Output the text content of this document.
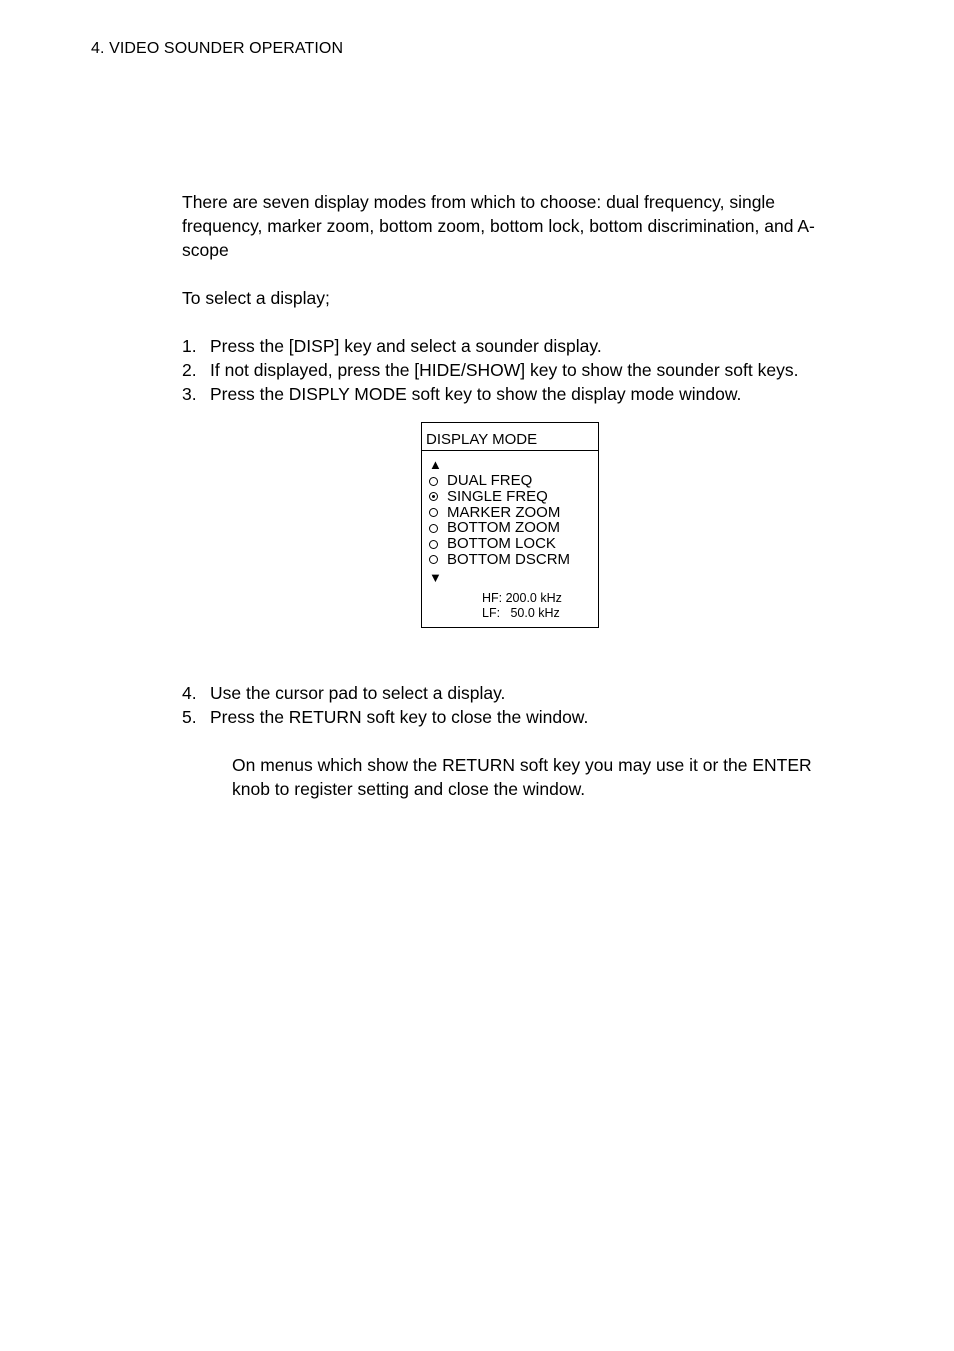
4. VIDEO SOUNDER OPERATION

There are seven display modes from which to choose: dual frequency, single frequency, marker zoom, bottom zoom, bottom lock, bottom discrimination, and A-scope

To select a display;

1. Press the [DISP] key and select a sounder display.
2. If not displayed, press the [HIDE/SHOW] key to show the sounder soft keys.
3. Press the DISPLY MODE soft key to show the display mode window.
DISPLAY MODE
▲
DUAL FREQ
SINGLE FREQ
MARKER ZOOM
BOTTOM ZOOM
BOTTOM LOCK
BOTTOM DSCRM
▼
HF: 200.0 kHz
LF:   50.0 kHz
4. Use the cursor pad to select a display.
5. Press the RETURN soft key to close the window.

On menus which show the RETURN soft key you may use it or the ENTER knob to register setting and close the window.
